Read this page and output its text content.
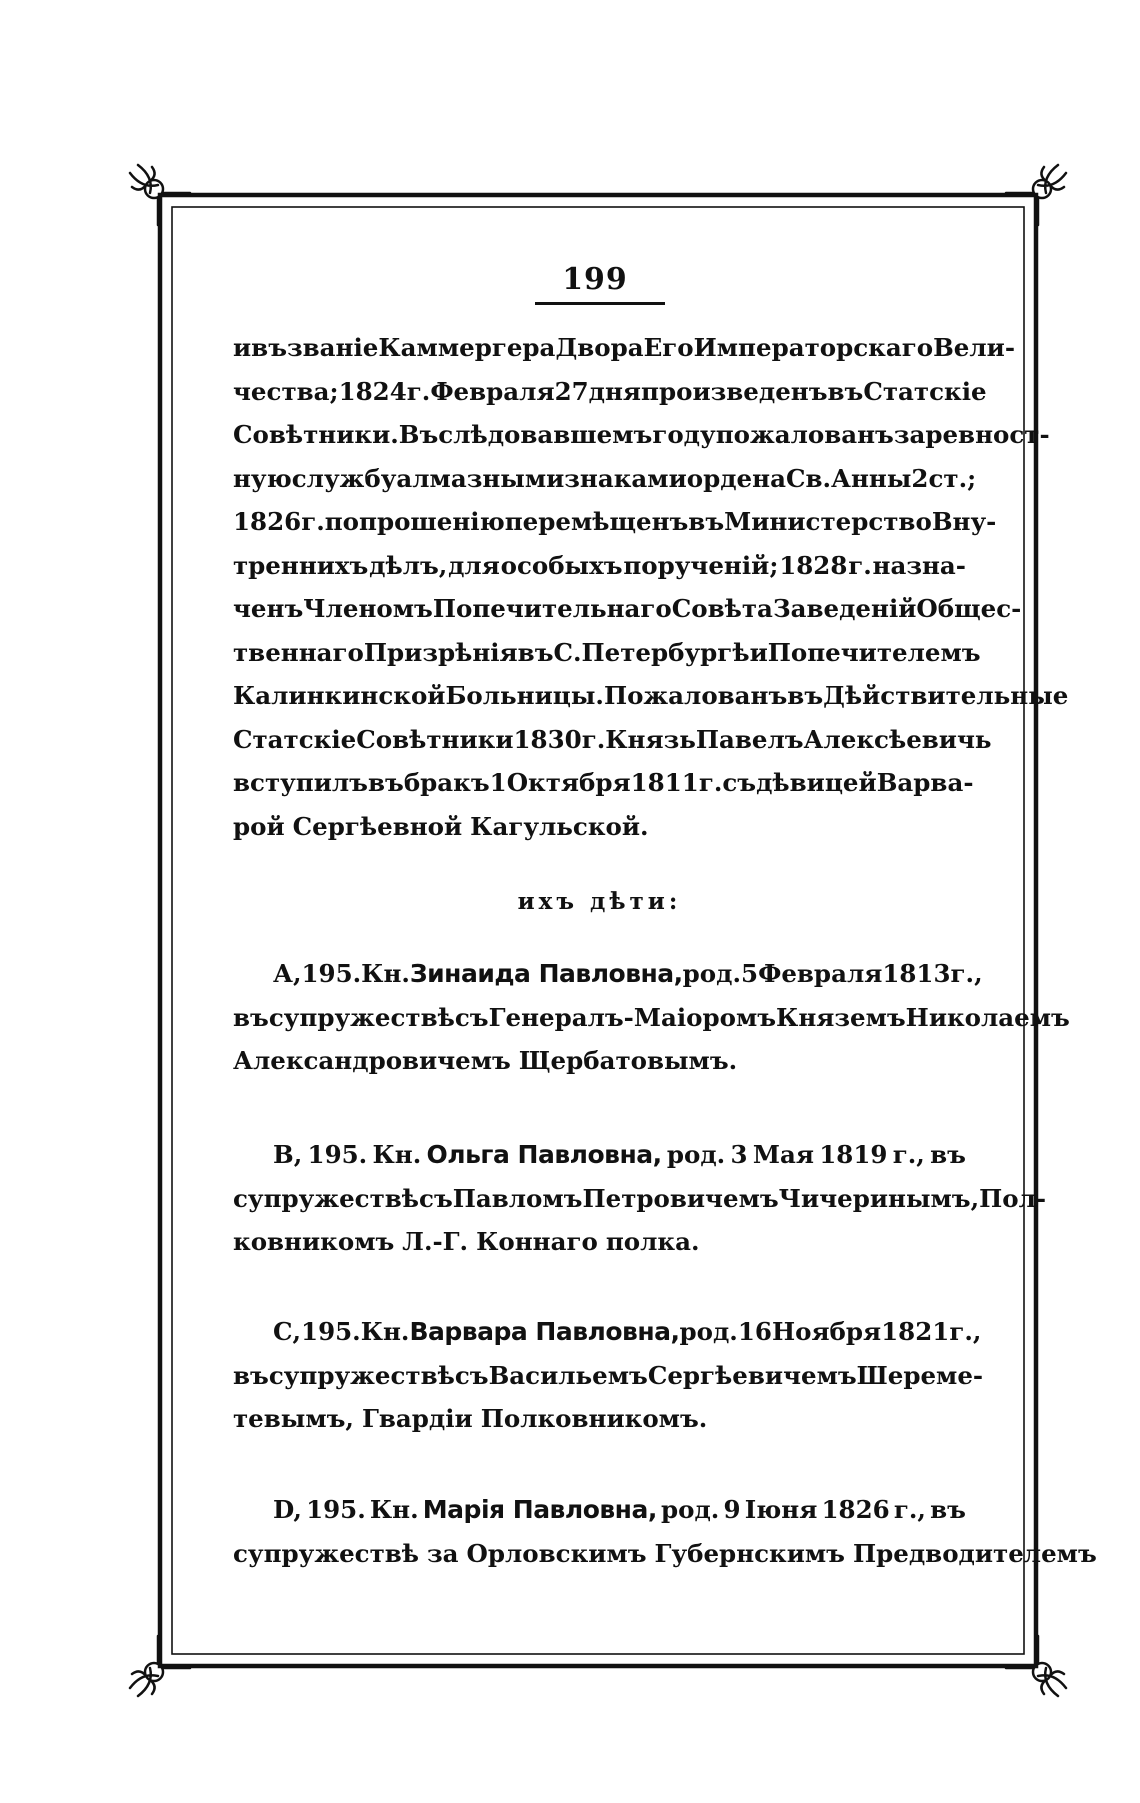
199
и въ званіе Каммергера Двора Его Императорскаго Вели-
чества; 1824 г. Февраля 27 дня произведенъ въ Статскіе
Совѣтники. Въ слѣдовавшемъ году пожалованъ за ревност-
ную службу алмазными знаками ордена Св. Анны 2 ст.;
1826 г. по прошенію перемѣщенъ въ Министерство Вну-
треннихъ дѣлъ, для особыхъ порученій; 1828 г. назна-
ченъ Членомъ Попечительнаго Совѣта Заведеній Общес-
твеннаго Призрѣнія въ С. Петербургѣ и Попечителемъ
Калинкинской Больницы. Пожалованъ въ Дѣйствительные
Статскіе Совѣтники 1830 г. Князь Павелъ Алексѣевичь
вступилъ въ бракъ 1 Октября 1811 г. съ дѣвицей Варва-
рой Сергѣевной Кагульской.
ихъ дѣти:
А, 195. Кн. Зинаида Павловна, род. 5 Февраля 1813 г.,
въ супружествѣ съ Генералъ-Маіоромъ Княземъ Николаемъ
Александровичемъ Щербатовымъ.
В, 195. Кн. Ольга Павловна, род. 3 Мая 1819 г., въ
супружествѣ съ Павломъ Петровичемъ Чичеринымъ, Пол-
ковникомъ Л.-Г. Коннаго полка.
С, 195. Кн. Варвара Павловна, род. 16 Ноября 1821 г.,
въ супружествѣ съ Васильемъ Сергѣевичемъ Шереме-
тевымъ, Гвардіи Полковникомъ.
D, 195. Кн. Марія Павловна, род. 9 Іюня 1826 г., въ
супружествѣ за Орловскимъ Губернскимъ Предводителемъ
